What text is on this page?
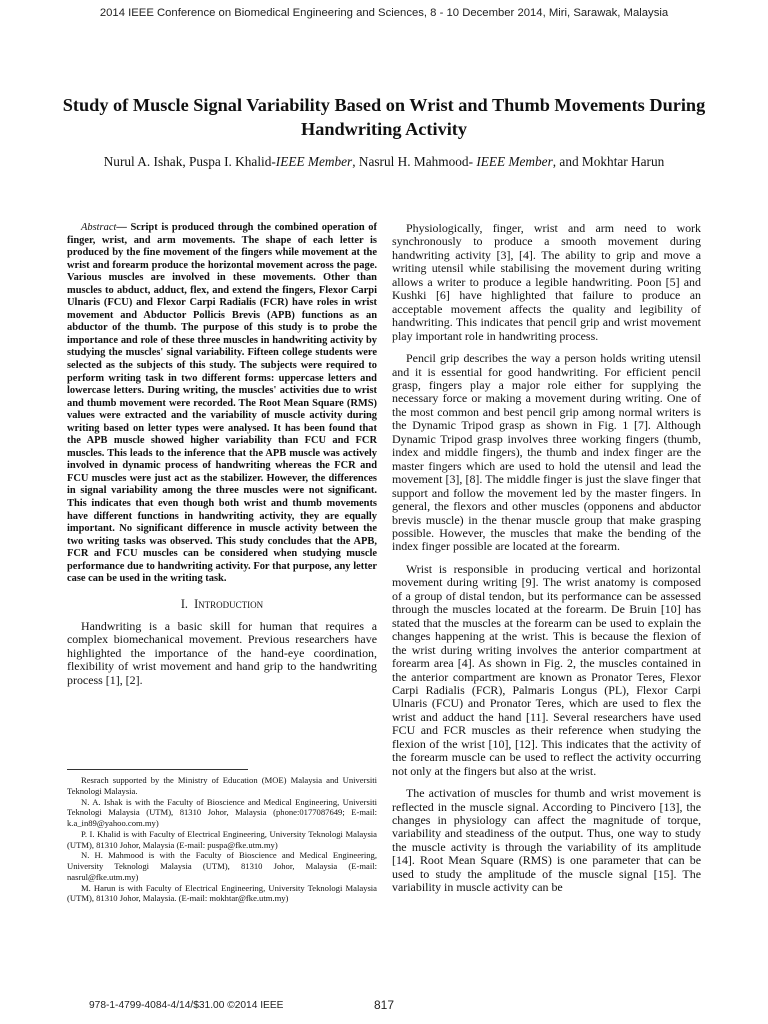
2014 IEEE Conference on Biomedical Engineering and Sciences, 8 - 10 December 2014, Miri, Sarawak, Malaysia
Study of Muscle Signal Variability Based on Wrist and Thumb Movements During Handwriting Activity
Nurul A. Ishak, Puspa I. Khalid-IEEE Member, Nasrul H. Mahmood- IEEE Member, and Mokhtar Harun

Abstract— Script is produced through the combined operation of finger, wrist, and arm movements. The shape of each letter is produced by the fine movement of the fingers while movement at the wrist and forearm produce the horizontal movement across the page. Various muscles are involved in these movements. Other than muscles to abduct, adduct, flex, and extend the fingers, Flexor Carpi Ulnaris (FCU) and Flexor Carpi Radialis (FCR) have roles in wrist movement and Abductor Pollicis Brevis (APB) functions as an abductor of the thumb. The purpose of this study is to probe the importance and role of these three muscles in handwriting activity by studying the muscles' signal variability. Fifteen college students were selected as the subjects of this study. The subjects were required to perform writing task in two different forms: uppercase letters and lowercase letters. During writing, the muscles' activities due to wrist and thumb movement were recorded. The Root Mean Square (RMS) values were extracted and the variability of muscle activity during writing based on letter types were analysed. It has been found that the APB muscle showed higher variability than FCU and FCR muscles. This leads to the inference that the APB muscle was actively involved in dynamic process of handwriting whereas the FCR and FCU muscles were just act as the stabilizer. However, the differences in signal variability among the three muscles were not significant. This indicates that even though both wrist and thumb movements have different functions in handwriting activity, they are equally important. No significant difference in muscle activity between the two writing tasks was observed. This study concludes that the APB, FCR and FCU muscles can be considered when studying muscle performance due to handwriting activity. For that purpose, any letter case can be used in the writing task.

I. Introduction

Handwriting is a basic skill for human that requires a complex biomechanical movement. Previous researchers have highlighted the importance of the hand-eye coordination, flexibility of wrist movement and hand grip to the handwriting process [1], [2].

Resrach supported by the Ministry of Education (MOE) Malaysia and Universiti Teknologi Malaysia.

N. A. Ishak is with the Faculty of Bioscience and Medical Engineering, Universiti Teknologi Malaysia (UTM), 81310 Johor, Malaysia (phone:0177087649; E-mail: k.a_in89@yahoo.com.my)

P. I. Khalid is with Faculty of Electrical Engineering, University Teknologi Malaysia (UTM), 81310 Johor, Malaysia (E-mail: puspa@fke.utm.my)

N. H. Mahmood is with the Faculty of Bioscience and Medical Engineering, University Teknologi Malaysia (UTM), 81310 Johor, Malaysia (E-mail: nasrul@fke.utm.my)

M. Harun is with Faculty of Electrical Engineering, University Teknologi Malaysia (UTM), 81310 Johor, Malaysia. (E-mail: mokhtar@fke.utm.my)

Physiologically, finger, wrist and arm need to work synchronously to produce a smooth movement during handwriting activity [3], [4]. The ability to grip and move a writing utensil while stabilising the movement during writing allows a writer to produce a legible handwriting. Poon [5] and Kushki [6] have highlighted that failure to produce an acceptable movement affects the quality and legibility of handwriting. This indicates that pencil grip and wrist movement play important role in handwriting process.

Pencil grip describes the way a person holds writing utensil and it is essential for good handwriting. For efficient pencil grasp, fingers play a major role either for supplying the necessary force or making a movement during writing. One of the most common and best pencil grip among normal writers is the Dynamic Tripod grasp as shown in Fig. 1 [7]. Although Dynamic Tripod grasp involves three working fingers (thumb, index and middle fingers), the thumb and index finger are the master fingers which are used to hold the utensil and lead the movement [3], [8]. The middle finger is just the slave finger that support and follow the movement led by the master fingers. In general, the flexors and other muscles (opponens and abductor brevis muscle) in the thenar muscle group that make grasping possible. However, the muscles that make the bending of the index finger possible are located at the forearm.

Wrist is responsible in producing vertical and horizontal movement during writing [9]. The wrist anatomy is composed of a group of distal tendon, but its performance can be assessed through the muscles located at the forearm. De Bruin [10] has stated that the muscles at the forearm can be used to explain the changes happening at the wrist. This is because the flexion of the wrist during writing involves the anterior compartment at forearm area [4]. As shown in Fig. 2, the muscles contained in the anterior compartment are known as Pronator Teres, Flexor Carpi Radialis (FCR), Palmaris Longus (PL), Flexor Carpi Ulnaris (FCU) and Pronator Teres, which are used to flex the wrist and adduct the hand [11]. Several researchers have used FCU and FCR muscles as their reference when studying the flexion of the wrist [10], [12]. This indicates that the activity of the forearm muscle can be used to reflect the activity occurring not only at the fingers but also at the wrist.

The activation of muscles for thumb and wrist movement is reflected in the muscle signal. According to Pincivero [13], the changes in physiology can affect the magnitude of torque, variability and steadiness of the output. Thus, one way to study the muscle activity is through the variability of its amplitude [14]. Root Mean Square (RMS) is one parameter that can be used to study the amplitude of the muscle signal [15]. The variability in muscle activity can be

978-1-4799-4084-4/14/$31.00 ©2014 IEEE	817
